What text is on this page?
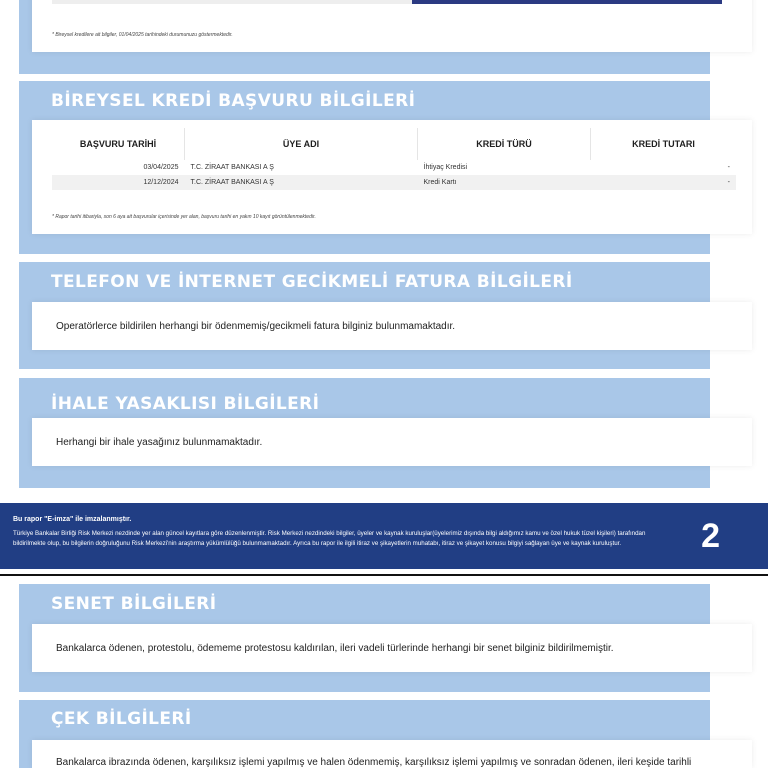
* Bireysel kredilere ait bilgiler, 01/04/2025 tarihindeki durumunuzu göstermektedir.
BİREYSEL KREDİ BAŞVURU BİLGİLERİ
BAŞVURU TARİHİ	ÜYE ADI	KREDİ TÜRÜ	KREDİ TUTARI
03/04/2025	T.C. ZİRAAT BANKASI A Ş	İhtiyaç Kredisi	-
12/12/2024	T.C. ZİRAAT BANKASI A Ş	Kredi Kartı	-
* Rapor tarihi itibariyla, son 6 aya ait başvurular içerisinde yer alan, başvuru tarihi en yakın 10 kayıt görüntülenmektedir.
TELEFON VE İNTERNET GECİKMELİ FATURA BİLGİLERİ
Operatörlerce bildirilen herhangi bir ödenmemiş/gecikmeli fatura bilginiz bulunmamaktadır.
İHALE YASAKLISI BİLGİLERİ
Herhangi bir ihale yasağınız bulunmamaktadır.
Bu rapor "E-imza" ile imzalanmıştır.
Türkiye Bankalar Birliği Risk Merkezi nezdinde yer alan güncel kayıtlara göre düzenlenmiştir. Risk Merkezi nezdindeki bilgiler, üyeler ve kaynak kuruluşlar(üyelerimiz dışında bilgi aldığımız kamu ve özel hukuk tüzel kişileri) tarafından bildirilmekte olup, bu bilgilerin doğruluğunu Risk Merkezi'nin araştırma yükümlülüğü bulunmamaktadır. Ayrıca bu rapor ile ilgili itiraz ve şikayetlerin muhatabı, itiraz ve şikayet konusu bilgiyi sağlayan üye ve kaynak kuruluştur.	2
SENET BİLGİLERİ
Bankalarca ödenen, protestolu, ödememe protestosu kaldırılan, ileri vadeli türlerinde herhangi bir senet bilginiz bildirilmemiştir.
ÇEK BİLGİLERİ
Bankalarca ibrazında ödenen, karşılıksız işlemi yapılmış ve halen ödenmemiş, karşılıksız işlemi yapılmış ve sonradan ödenen, ileri keşide tarihli
